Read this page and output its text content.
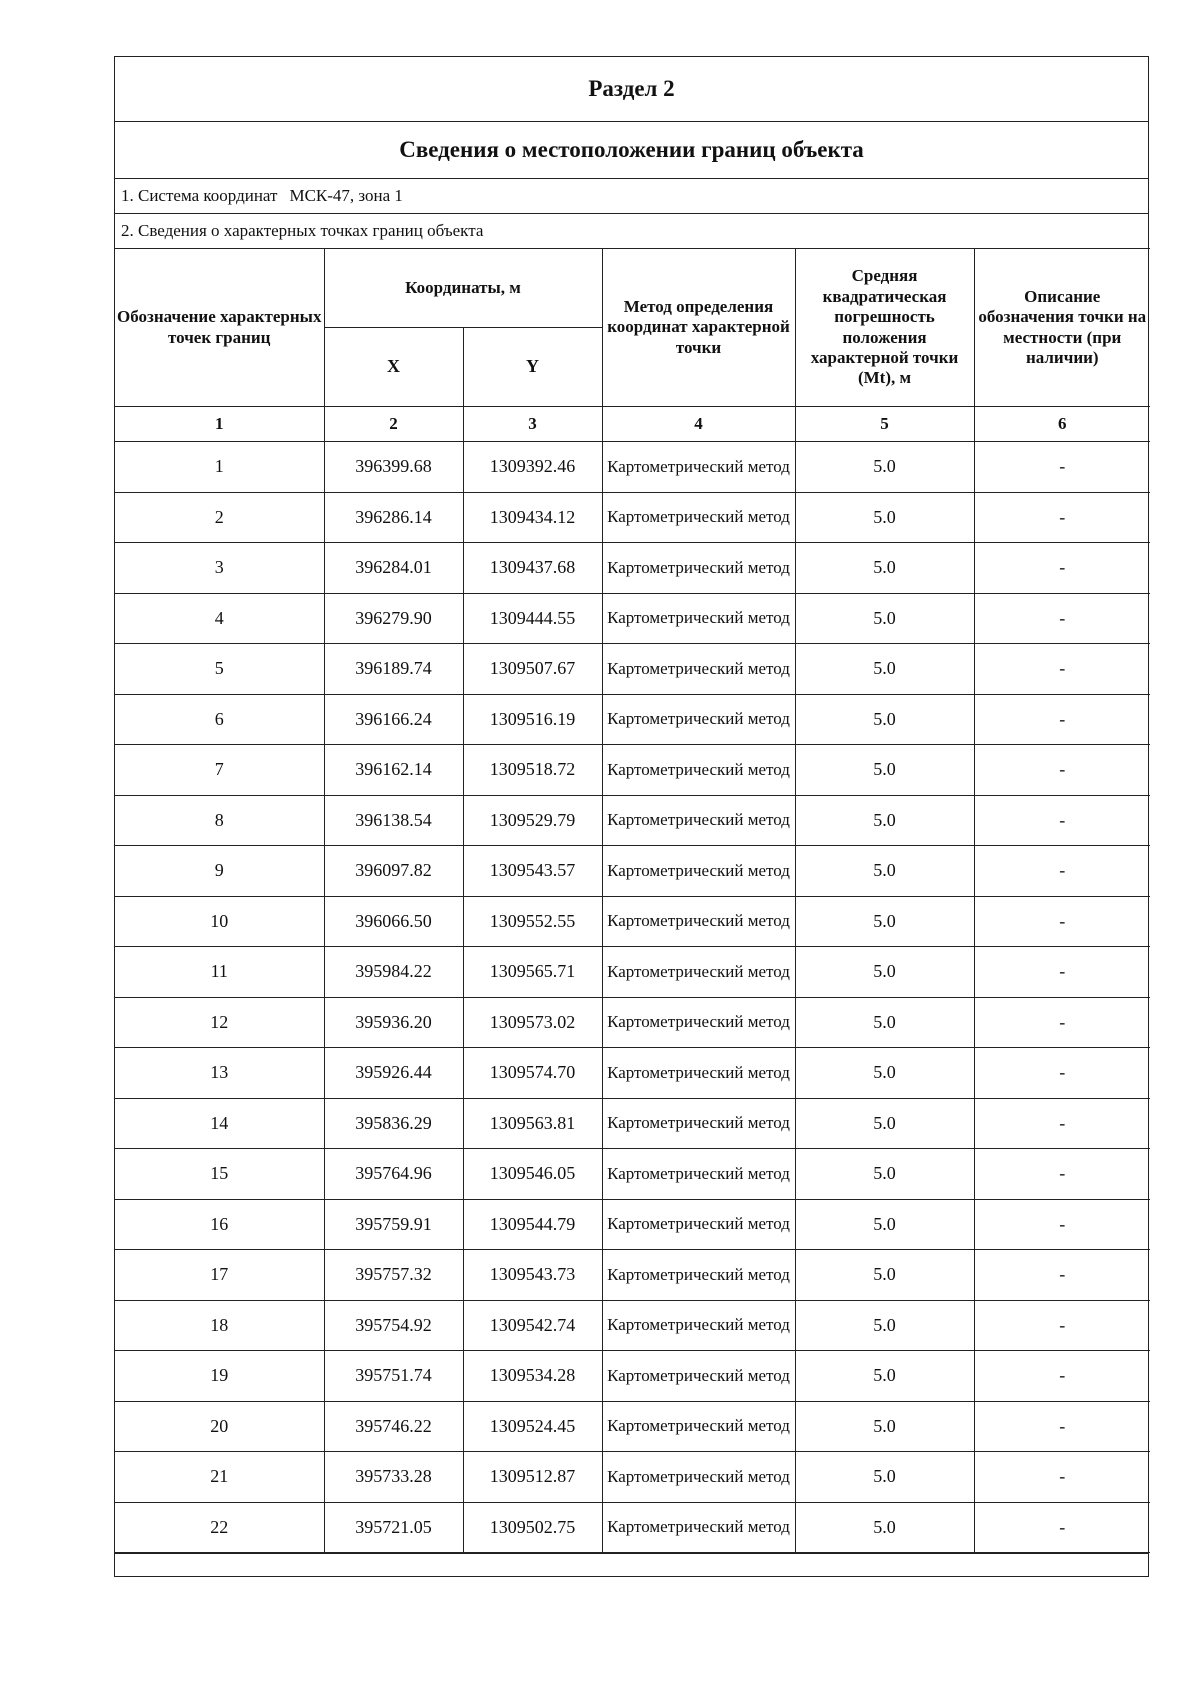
Раздел 2
Сведения о местоположении границ объекта
1. Система координат МСК-47, зона 1
2. Сведения о характерных точках границ объекта
Обозначение характерных точек границ	Координаты, м		Метод определения координат характерной точки	Средняя квадратическая погрешность положения характерной точки (Mt), м	Описание обозначения точки на местности (при наличии)
	X	Y			
1	2	3	4	5	6
1	396399.68	1309392.46	Картометрический метод	5.0	-
2	396286.14	1309434.12	Картометрический метод	5.0	-
3	396284.01	1309437.68	Картометрический метод	5.0	-
4	396279.90	1309444.55	Картометрический метод	5.0	-
5	396189.74	1309507.67	Картометрический метод	5.0	-
6	396166.24	1309516.19	Картометрический метод	5.0	-
7	396162.14	1309518.72	Картометрический метод	5.0	-
8	396138.54	1309529.79	Картометрический метод	5.0	-
9	396097.82	1309543.57	Картометрический метод	5.0	-
10	396066.50	1309552.55	Картометрический метод	5.0	-
11	395984.22	1309565.71	Картометрический метод	5.0	-
12	395936.20	1309573.02	Картометрический метод	5.0	-
13	395926.44	1309574.70	Картометрический метод	5.0	-
14	395836.29	1309563.81	Картометрический метод	5.0	-
15	395764.96	1309546.05	Картометрический метод	5.0	-
16	395759.91	1309544.79	Картометрический метод	5.0	-
17	395757.32	1309543.73	Картометрический метод	5.0	-
18	395754.92	1309542.74	Картометрический метод	5.0	-
19	395751.74	1309534.28	Картометрический метод	5.0	-
20	395746.22	1309524.45	Картометрический метод	5.0	-
21	395733.28	1309512.87	Картометрический метод	5.0	-
22	395721.05	1309502.75	Картометрический метод	5.0	-
